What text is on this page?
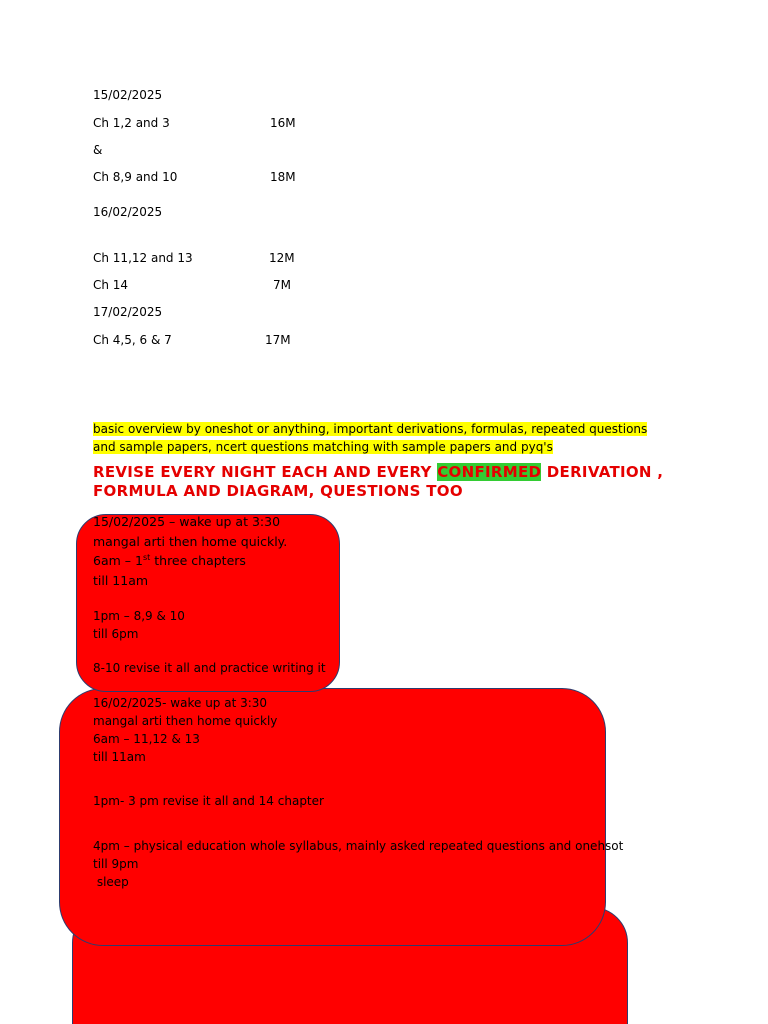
15/02/2025
Ch 1,2 and 3	16M
&
Ch 8,9 and 10	18M
16/02/2025
Ch 11,12 and 13	12M
Ch 14	7M
17/02/2025
Ch 4,5, 6 & 7	17M
basic overview by oneshot or anything, important derivations, formulas, repeated questions and sample papers, ncert questions matching with sample papers and pyq's
REVISE EVERY NIGHT EACH AND EVERY CONFIRMED DERIVATION , FORMULA AND DIAGRAM, QUESTIONS TOO

16/02/2025- wake up at 3:30

mangal arti then home quickly

6am – 11,12 & 13

till 11am

1pm- 3 pm revise it all and 14 chapter

4pm – physical education whole syllabus, mainly asked repeated questions and onehsot

till 9pm

sleep

15/02/2025 – wake up at 3:30

mangal arti then home quickly.

6am – 1st three chapters

till 11am

1pm – 8,9 & 10

till 6pm

8-10 revise it all and practice writing it
